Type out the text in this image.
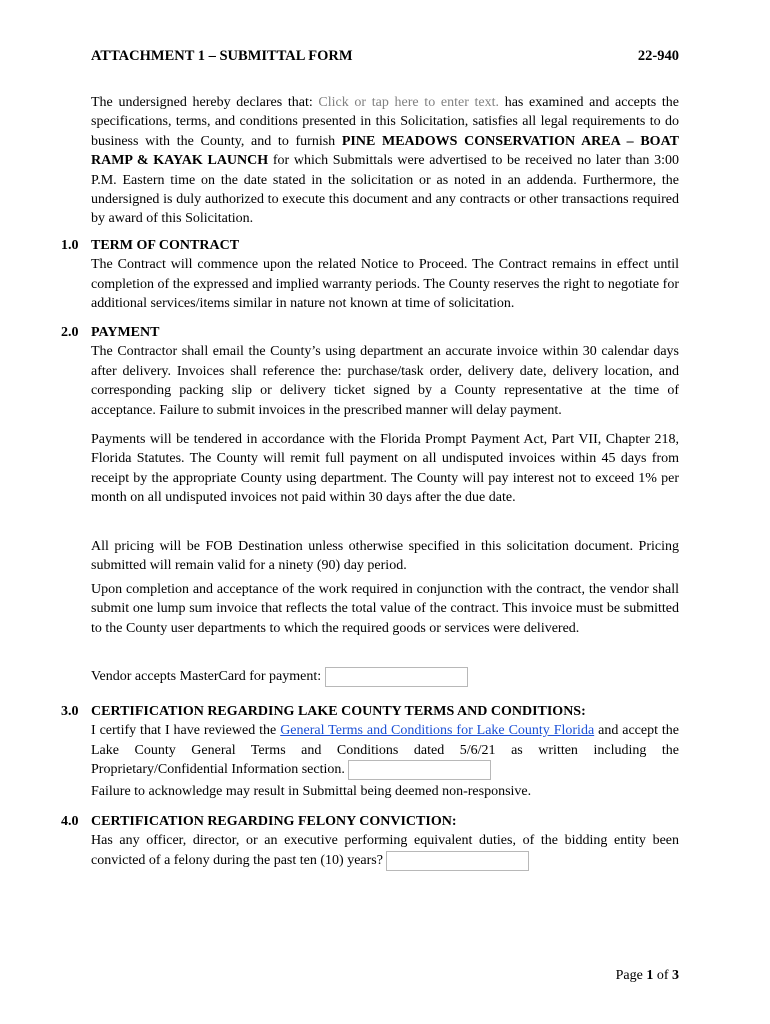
ATTACHMENT 1 – SUBMITTAL FORM	22-940

The undersigned hereby declares that: Click or tap here to enter text. has examined and accepts the specifications, terms, and conditions presented in this Solicitation, satisfies all legal requirements to do business with the County, and to furnish PINE MEADOWS CONSERVATION AREA – BOAT RAMP & KAYAK LAUNCH for which Submittals were advertised to be received no later than 3:00 P.M. Eastern time on the date stated in the solicitation or as noted in an addenda. Furthermore, the undersigned is duly authorized to execute this document and any contracts or other transactions required by award of this Solicitation.

1.0 TERM OF CONTRACT

The Contract will commence upon the related Notice to Proceed. The Contract remains in effect until completion of the expressed and implied warranty periods. The County reserves the right to negotiate for additional services/items similar in nature not known at time of solicitation.

2.0 PAYMENT

The Contractor shall email the County’s using department an accurate invoice within 30 calendar days after delivery. Invoices shall reference the: purchase/task order, delivery date, delivery location, and corresponding packing slip or delivery ticket signed by a County representative at the time of acceptance. Failure to submit invoices in the prescribed manner will delay payment.

Payments will be tendered in accordance with the Florida Prompt Payment Act, Part VII, Chapter 218, Florida Statutes. The County will remit full payment on all undisputed invoices within 45 days from receipt by the appropriate County using department. The County will pay interest not to exceed 1% per month on all undisputed invoices not paid within 30 days after the due date.

All pricing will be FOB Destination unless otherwise specified in this solicitation document. Pricing submitted will remain valid for a ninety (90) day period.

Upon completion and acceptance of the work required in conjunction with the contract, the vendor shall submit one lump sum invoice that reflects the total value of the contract. This invoice must be submitted to the County user departments to which the required goods or services were delivered.

Vendor accepts MasterCard for payment:
3.0 CERTIFICATION REGARDING LAKE COUNTY TERMS AND CONDITIONS:

I certify that I have reviewed the General Terms and Conditions for Lake County Florida and accept the Lake County General Terms and Conditions dated 5/6/21 as written including the Proprietary/Confidential Information section.

Failure to acknowledge may result in Submittal being deemed non-responsive.

4.0 CERTIFICATION REGARDING FELONY CONVICTION:

Has any officer, director, or an executive performing equivalent duties, of the bidding entity been convicted of a felony during the past ten (10) years?

Page 1 of 3
